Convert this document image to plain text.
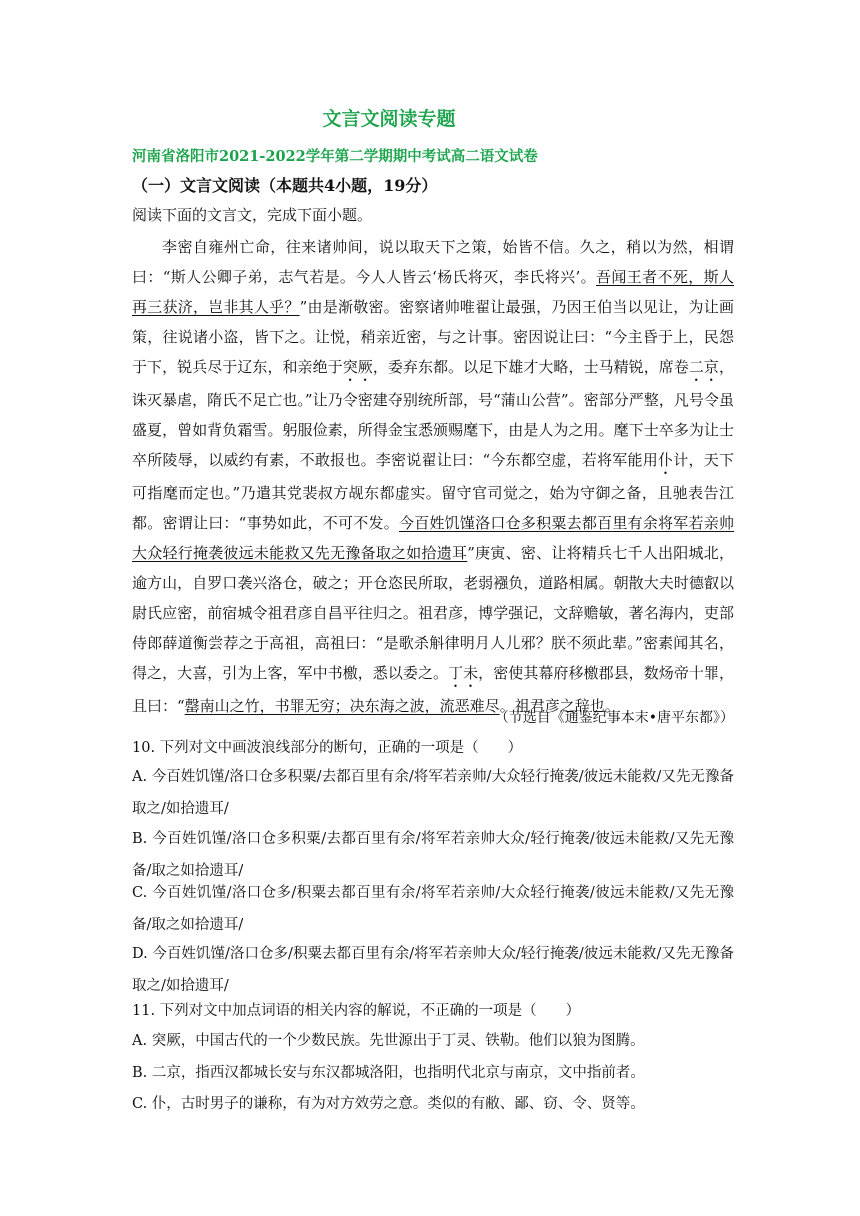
文言文阅读专题
河南省洛阳市2021-2022学年第二学期期中考试高二语文试卷
（一）文言文阅读（本题共4小题，19分）
阅读下面的文言文，完成下面小题。
李密自雍州亡命，往来诸帅间，说以取天下之策，始皆不信。久之，稍以为然，相谓曰：“斯人公卿子弟，志气若是。今人人皆云‘杨氏将灭，李氏将兴’。吾闻王者不死，斯人再三获济，岂非其人乎？”由是渐敬密。密察诸帅唯翟让最强，乃因王伯当以见让，为让画策，往说诸小盗，皆下之。让悦，稍亲近密，与之计事。密因说让曰：“今主昏于上，民怨于下，锐兵尽于辽东，和亲绝于突厥，委弃东都。以足下雄才大略，士马精锐，席卷二京，诛灭暴虐，隋氏不足亡也。”让乃令密建夺别统所部，号“蒲山公营”。密部分严整，凡号令虽盛夏，曾如背负霜雪。躬服俭素，所得金宝悉颁赐麾下，由是人为之用。麾下士卒多为让士卒所陵辱，以威约有素，不敢报也。李密说翟让曰：“今东都空虚，若将军能用仆计，天下可指麾而定也。”乃遣其党裴叔方觇东都虚实。留守官司觉之，始为守御之备，且驰表告江都。密谓让曰：“事势如此，不可不发。今百姓饥馑洛口仓多积粟去都百里有余将军若亲帅大众轻行掩袭彼远未能救又先无豫备取之如拾遗耳”庚寅、密、让将精兵七千人出阳城北，逾方山，自罗口袭兴洛仓，破之；开仓恣民所取，老弱襁负，道路相属。朝散大夫时德叡以尉氏应密，前宿城令祖君彦自昌平往归之。祖君彦，博学强记，文辞赡敏，著名海内，吏部侍郎薛道衡尝荐之于高祖，高祖曰：“是歌杀斛律明月人儿邪？朕不须此辈。”密素闻其名，得之，大喜，引为上客，军中书檄，悉以委之。丁未，密使其幕府移檄郡县，数炀帝十罪，且曰：“罄南山之竹，书罪无穷；决东海之波，流恶难尽。祖君彦之辞也。
（节选自《通鉴纪事本末•唐平东都》）
10. 下列对文中画波浪线部分的断句，正确的一项是（　　）
A. 今百姓饥馑/洛口仓多积粟/去都百里有余/将军若亲帅/大众轻行掩袭/彼远未能救/又先无豫备取之/如拾遗耳/
B. 今百姓饥馑/洛口仓多积粟/去都百里有余/将军若亲帅大众/轻行掩袭/彼远未能救/又先无豫备/取之如拾遗耳/
C. 今百姓饥馑/洛口仓多/积粟去都百里有余/将军若亲帅/大众轻行掩袭/彼远未能救/又先无豫备/取之如拾遗耳/
D. 今百姓饥馑/洛口仓多/积粟去都百里有余/将军若亲帅大众/轻行掩袭/彼远未能救/又先无豫备取之/如拾遗耳/
11. 下列对文中加点词语的相关内容的解说，不正确的一项是（　　）
A. 突厥，中国古代的一个少数民族。先世源出于丁灵、铁勒。他们以狼为图腾。
B. 二京，指西汉都城长安与东汉都城洛阳，也指明代北京与南京，文中指前者。
C. 仆，古时男子的谦称，有为对方效劳之意。类似的有敝、鄙、窃、令、贤等。
